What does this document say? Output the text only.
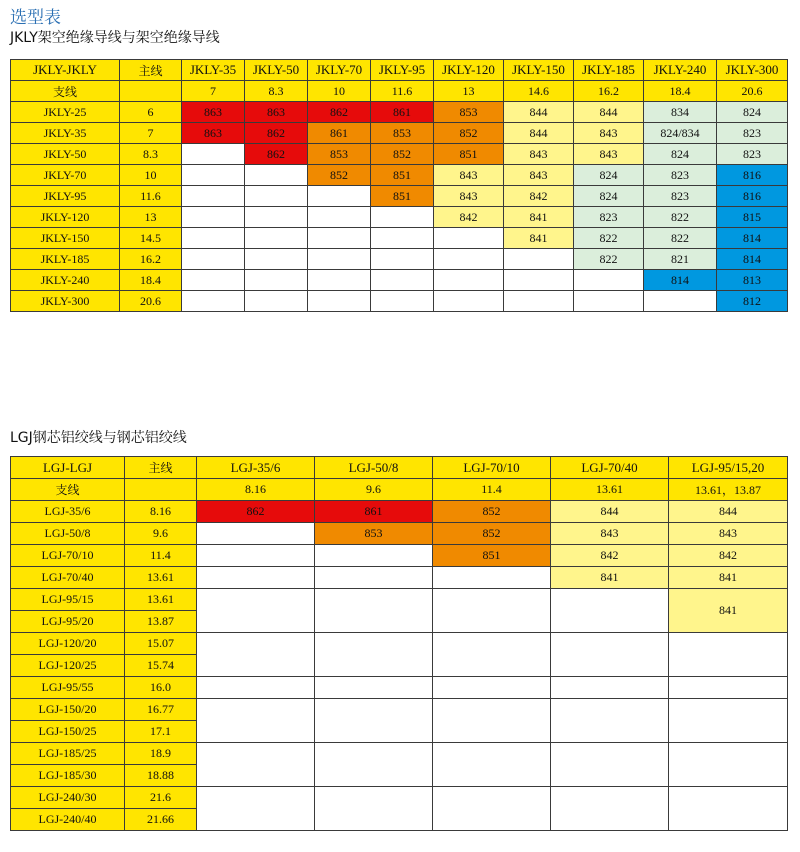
选型表
JKLY架空绝缘导线与架空绝缘导线
LGJ钢芯铝绞线与钢芯铝绞线
JKLY-JKLY	主线	JKLY-35	JKLY-50	JKLY-70	JKLY-95	JKLY-120	JKLY-150	JKLY-185	JKLY-240	JKLY-300
支线		7	8.3	10	11.6	13	14.6	16.2	18.4	20.6
JKLY-25	6	863	863	862	861	853	844	844	834	824
JKLY-35	7	863	862	861	853	852	844	843	824/834	823
JKLY-50	8.3		862	853	852	851	843	843	824	823
JKLY-70	10			852	851	843	843	824	823	816
JKLY-95	11.6				851	843	842	824	823	816
JKLY-120	13					842	841	823	822	815
JKLY-150	14.5						841	822	822	814
JKLY-185	16.2							822	821	814
JKLY-240	18.4								814	813
JKLY-300	20.6									812
LGJ-LGJ	主线	LGJ-35/6	LGJ-50/8	LGJ-70/10	LGJ-70/40	LGJ-95/15,20
支线		8.16	9.6	11.4	13.61	13.61，13.87
LGJ-35/6	8.16	862	861	852	844	844
LGJ-50/8	9.6		853	852	843	843
LGJ-70/10	11.4			851	842	842
LGJ-70/40	13.61				841	841
LGJ-95/15	13.61					841
LGJ-95/20	13.87					
LGJ-120/20	15.07					
LGJ-120/25	15.74					
LGJ-95/55	16.0					
LGJ-150/20	16.77					
LGJ-150/25	17.1					
LGJ-185/25	18.9					
LGJ-185/30	18.88					
LGJ-240/30	21.6					
LGJ-240/40	21.66					
